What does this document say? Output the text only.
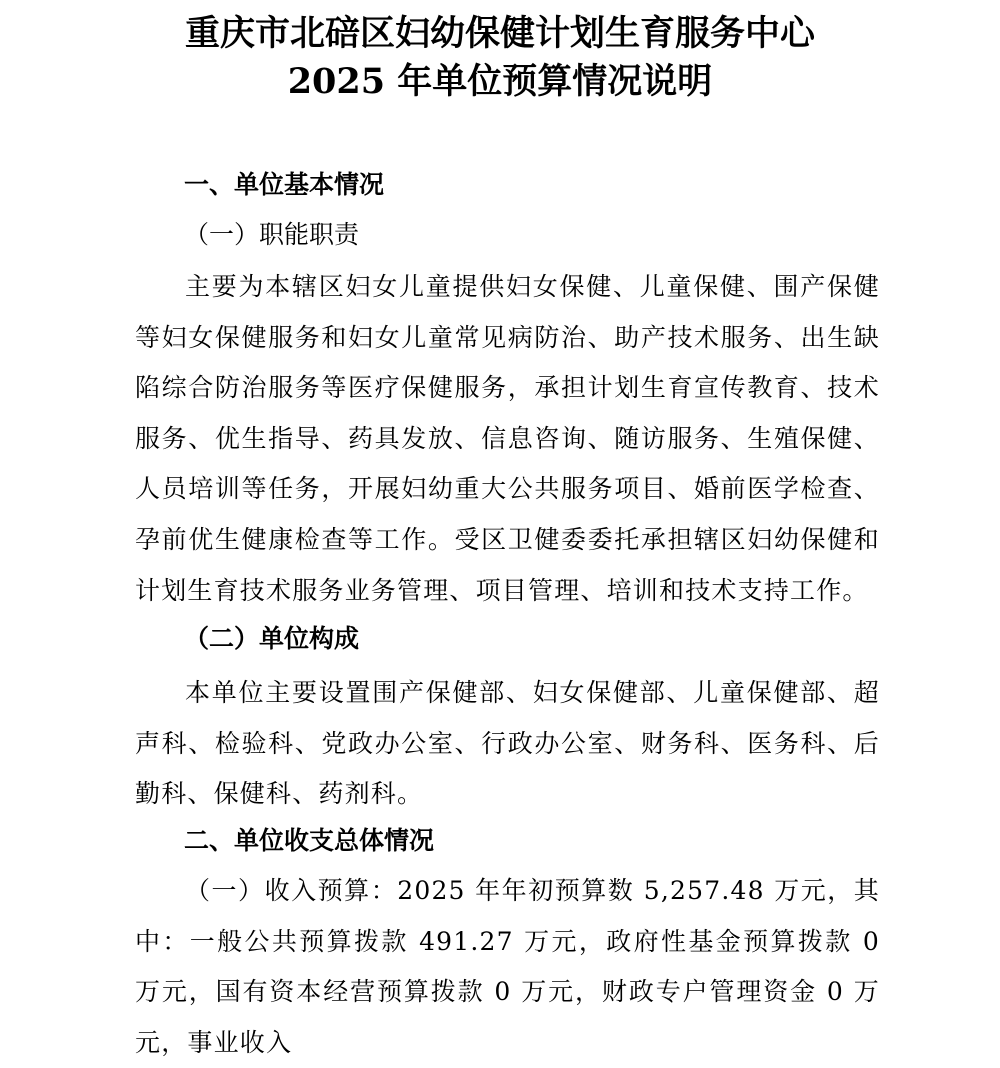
重庆市北碚区妇幼保健计划生育服务中心
2025 年单位预算情况说明
一、单位基本情况
（一）职能职责

主要为本辖区妇女儿童提供妇女保健、儿童保健、围产保健等妇女保健服务和妇女儿童常见病防治、助产技术服务、出生缺陷综合防治服务等医疗保健服务，承担计划生育宣传教育、技术服务、优生指导、药具发放、信息咨询、随访服务、生殖保健、人员培训等任务，开展妇幼重大公共服务项目、婚前医学检查、孕前优生健康检查等工作。受区卫健委委托承担辖区妇幼保健和计划生育技术服务业务管理、项目管理、培训和技术支持工作。

（二）单位构成

本单位主要设置围产保健部、妇女保健部、儿童保健部、超声科、检验科、党政办公室、行政办公室、财务科、医务科、后勤科、保健科、药剂科。

二、单位收支总体情况

（一）收入预算：2025 年年初预算数 5,257.48 万元，其中：一般公共预算拨款 491.27 万元，政府性基金预算拨款 0 万元，国有资本经营预算拨款 0 万元，财政专户管理资金 0 万元，事业收入
